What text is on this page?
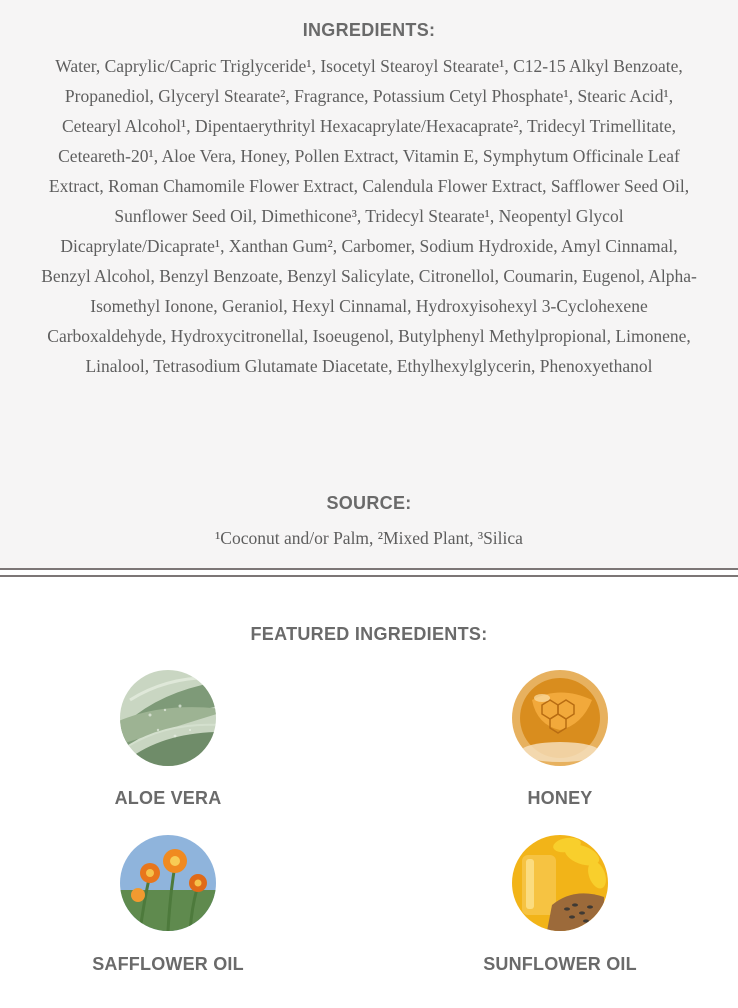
INGREDIENTS:

Water, Caprylic/Capric Triglyceride¹, Isocetyl Stearoyl Stearate¹, C12-15 Alkyl Benzoate, Propanediol, Glyceryl Stearate², Fragrance, Potassium Cetyl Phosphate¹, Stearic Acid¹, Cetearyl Alcohol¹, Dipentaerythrityl Hexacaprylate/Hexacaprate², Tridecyl Trimellitate, Ceteareth-20¹, Aloe Vera, Honey, Pollen Extract, Vitamin E, Symphytum Officinale Leaf Extract, Roman Chamomile Flower Extract, Calendula Flower Extract, Safflower Seed Oil, Sunflower Seed Oil, Dimethicone³, Tridecyl Stearate¹, Neopentyl Glycol Dicaprylate/Dicaprate¹, Xanthan Gum², Carbomer, Sodium Hydroxide, Amyl Cinnamal, Benzyl Alcohol, Benzyl Benzoate, Benzyl Salicylate, Citronellol, Coumarin, Eugenol, Alpha-Isomethyl Ionone, Geraniol, Hexyl Cinnamal, Hydroxyisohexyl 3-Cyclohexene Carboxaldehyde, Hydroxycitronellal, Isoeugenol, Butylphenyl Methylpropional, Limonene, Linalool, Tetrasodium Glutamate Diacetate, Ethylhexylglycerin, Phenoxyethanol

SOURCE:

¹Coconut and/or Palm, ²Mixed Plant, ³Silica

FEATURED INGREDIENTS:
ALOE VERA	HONEY
SAFFLOWER OIL	SUNFLOWER OIL
